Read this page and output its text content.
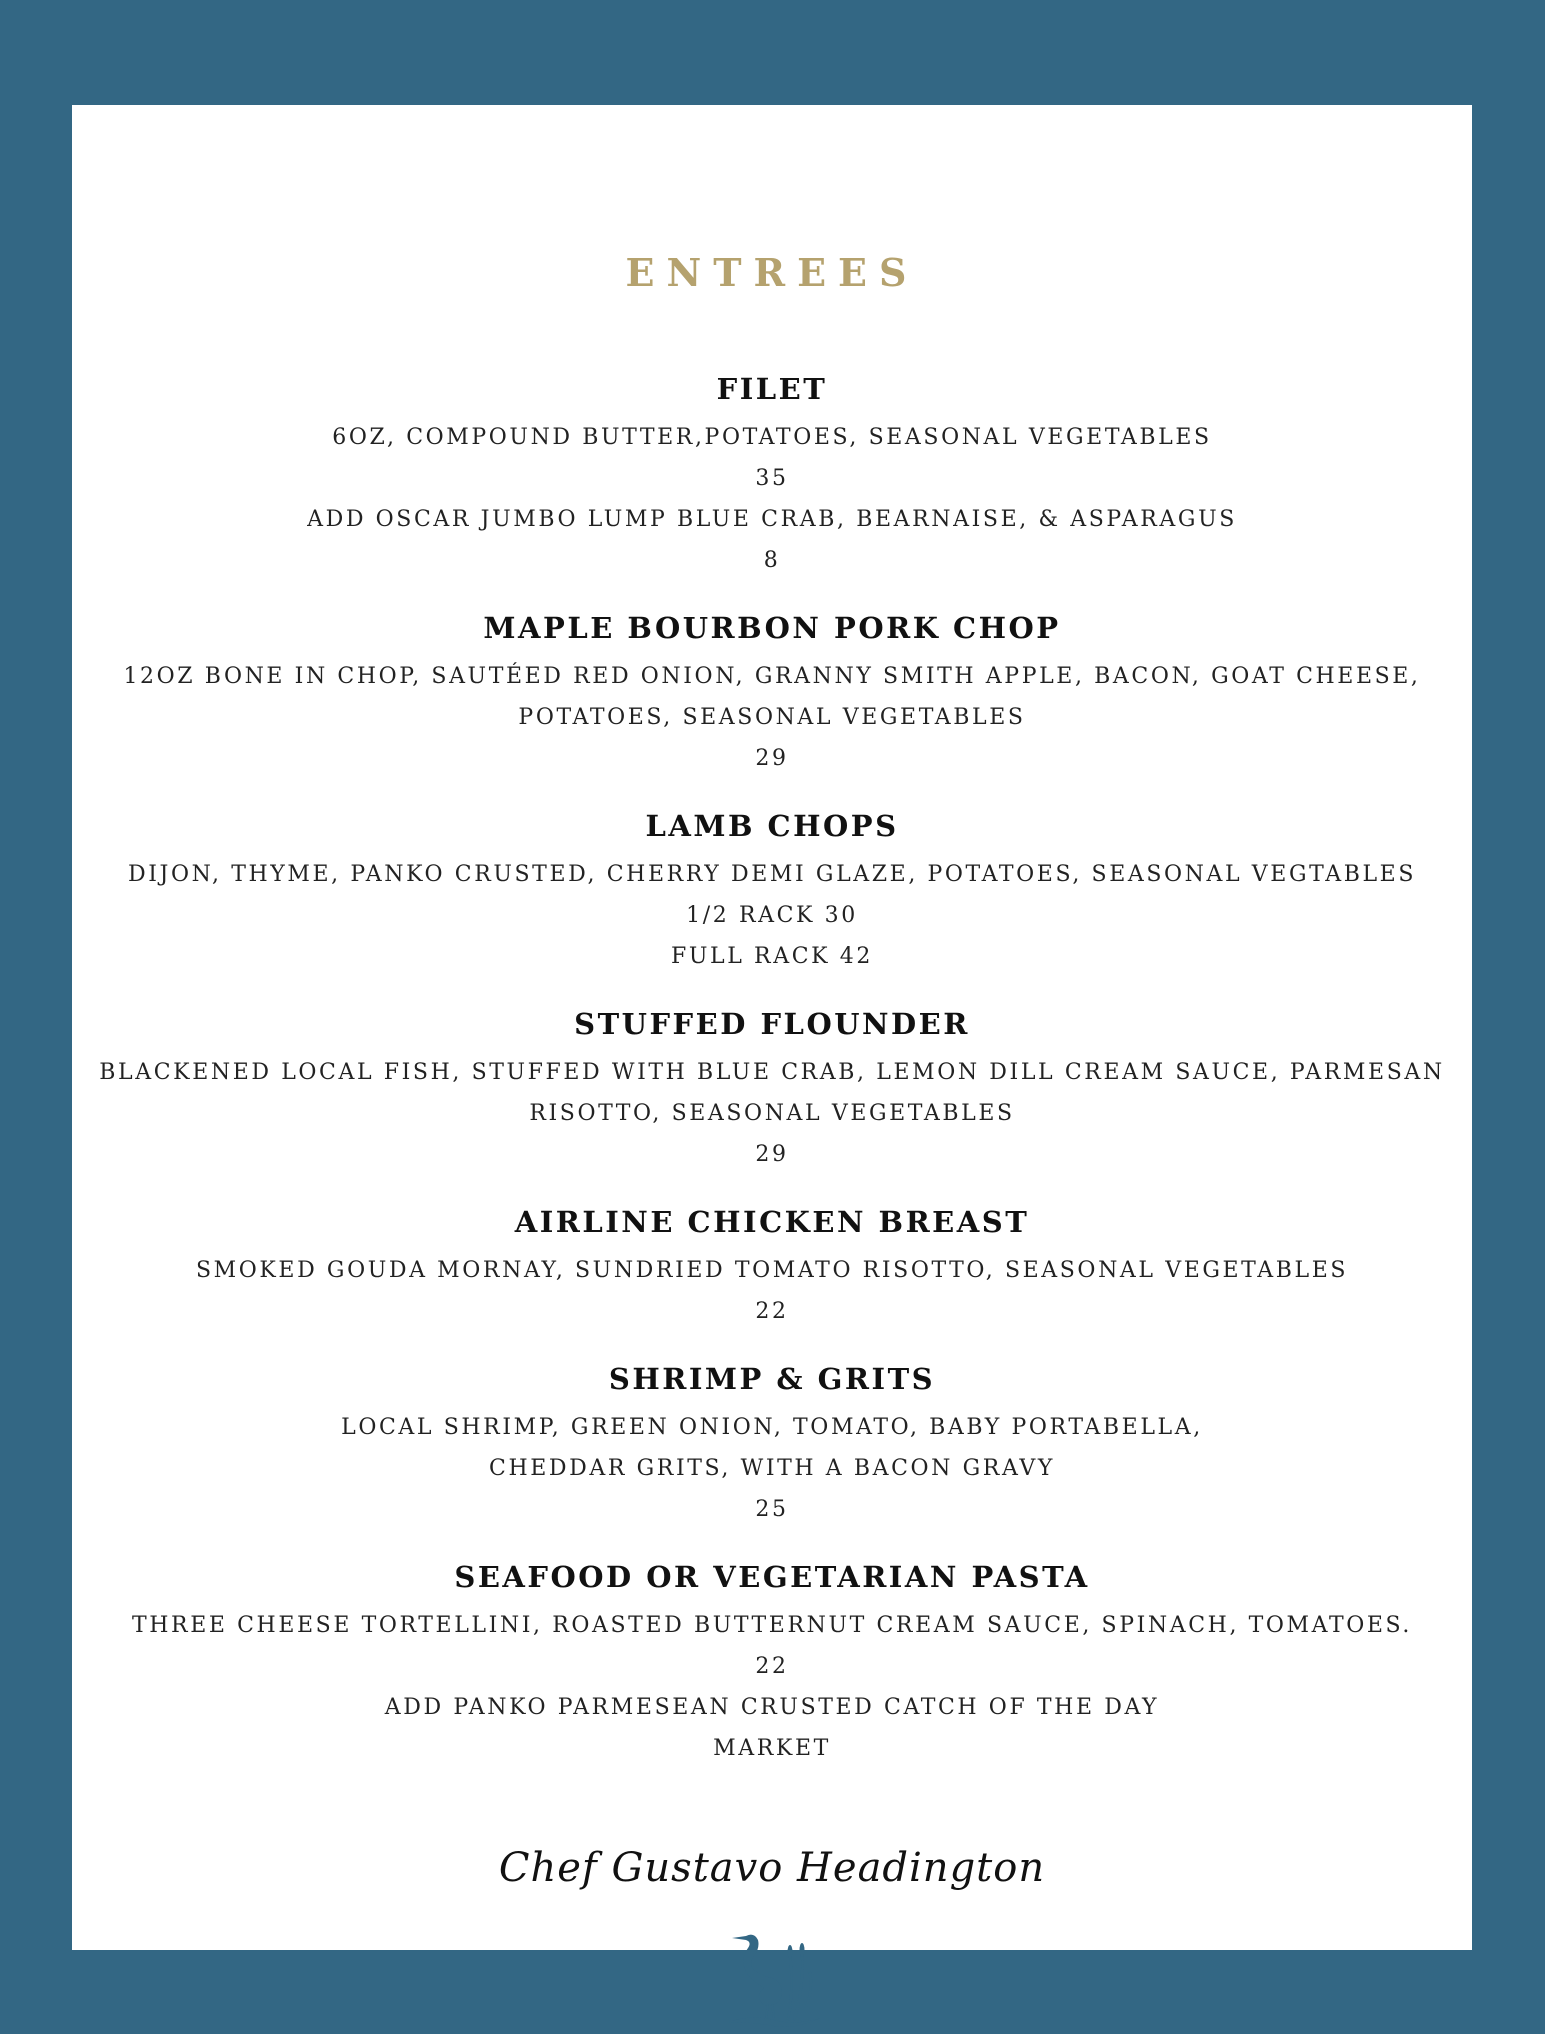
ENTREES
FILET
6OZ, COMPOUND BUTTER,POTATOES, SEASONAL VEGETABLES
35
ADD OSCAR JUMBO LUMP BLUE CRAB, BEARNAISE, & ASPARAGUS
8
MAPLE BOURBON PORK CHOP
12OZ BONE IN CHOP, SAUTÉED RED ONION, GRANNY SMITH APPLE, BACON, GOAT CHEESE,
POTATOES, SEASONAL VEGETABLES
29
LAMB CHOPS
DIJON, THYME, PANKO CRUSTED, CHERRY DEMI GLAZE, POTATOES, SEASONAL VEGTABLES
1/2 RACK 30
FULL RACK 42
STUFFED FLOUNDER
BLACKENED LOCAL FISH, STUFFED WITH BLUE CRAB, LEMON DILL CREAM SAUCE, PARMESAN
RISOTTO, SEASONAL VEGETABLES
29
AIRLINE CHICKEN BREAST
SMOKED GOUDA MORNAY, SUNDRIED TOMATO RISOTTO, SEASONAL VEGETABLES
22
SHRIMP & GRITS
LOCAL SHRIMP, GREEN ONION, TOMATO, BABY PORTABELLA,
CHEDDAR GRITS, WITH A BACON GRAVY
25
SEAFOOD OR VEGETARIAN PASTA
THREE CHEESE TORTELLINI, ROASTED BUTTERNUT CREAM SAUCE, SPINACH, TOMATOES.
22
ADD PANKO PARMESEAN CRUSTED CATCH OF THE DAY
MARKET
Chef Gustavo Headington
